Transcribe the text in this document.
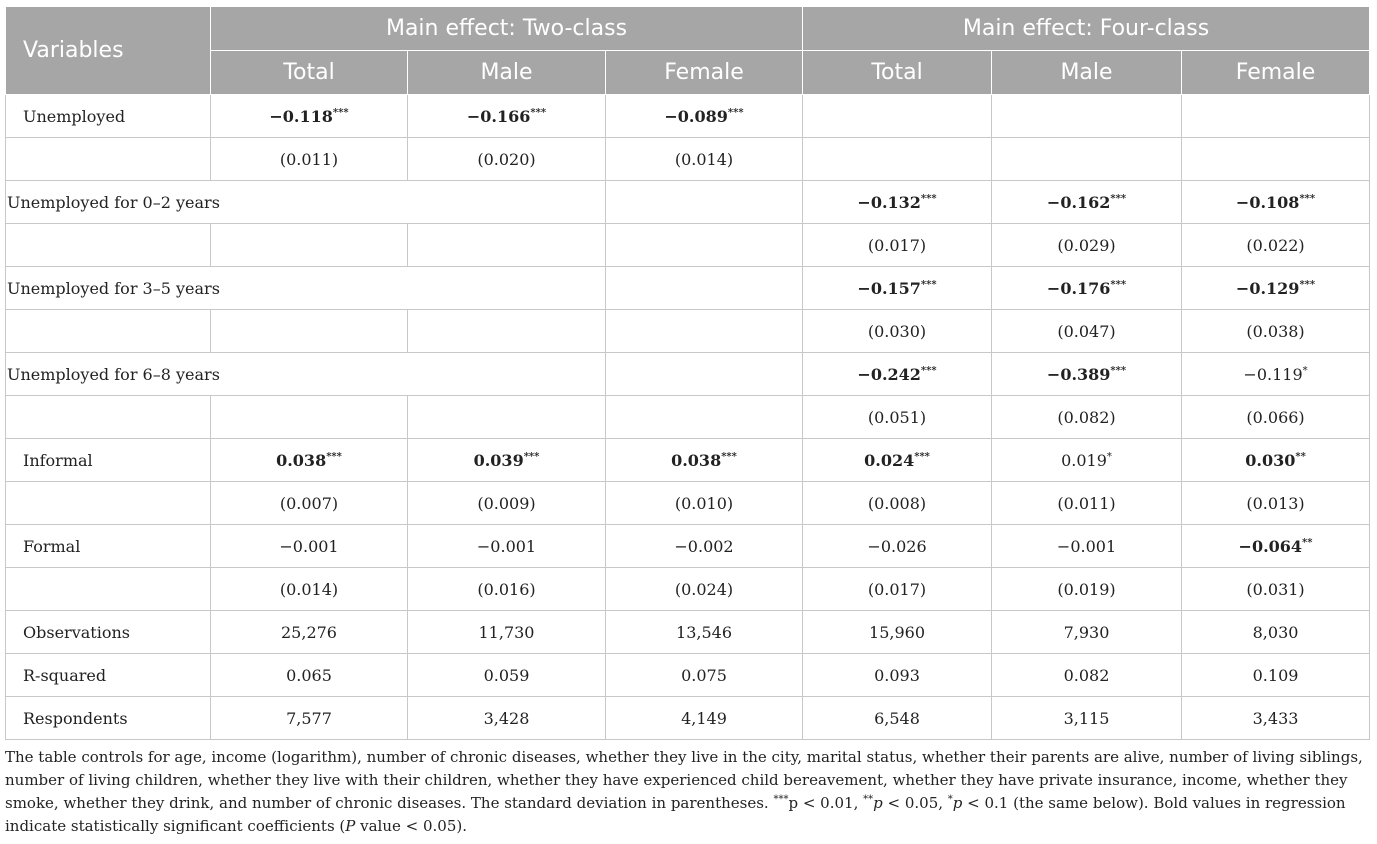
Variables	Main effect: Two-class			Main effect: Four-class		
	Total	Male	Female	Total	Male	Female
Unemployed	−0.118***	−0.166***	−0.089***			
	(0.011)	(0.020)	(0.014)			
Unemployed for 0–2 years				−0.132***	−0.162***	−0.108***
				(0.017)	(0.029)	(0.022)
Unemployed for 3–5 years				−0.157***	−0.176***	−0.129***
				(0.030)	(0.047)	(0.038)
Unemployed for 6–8 years				−0.242***	−0.389***	−0.119*
				(0.051)	(0.082)	(0.066)
Informal	0.038***	0.039***	0.038***	0.024***	0.019*	0.030**
	(0.007)	(0.009)	(0.010)	(0.008)	(0.011)	(0.013)
Formal	−0.001	−0.001	−0.002	−0.026	−0.001	−0.064**
	(0.014)	(0.016)	(0.024)	(0.017)	(0.019)	(0.031)
Observations	25,276	11,730	13,546	15,960	7,930	8,030
R-squared	0.065	0.059	0.075	0.093	0.082	0.109
Respondents	7,577	3,428	4,149	6,548	3,115	3,433
The table controls for age, income (logarithm), number of chronic diseases, whether they live in the city, marital status, whether their parents are alive, number of living siblings, number of living children, whether they live with their children, whether they have experienced child bereavement, whether they have private insurance, income, whether they smoke, whether they drink, and number of chronic diseases. The standard deviation in parentheses. ***p < 0.01, **p < 0.05, *p < 0.1 (the same below). Bold values in regression indicate statistically significant coefficients (P value < 0.05).
